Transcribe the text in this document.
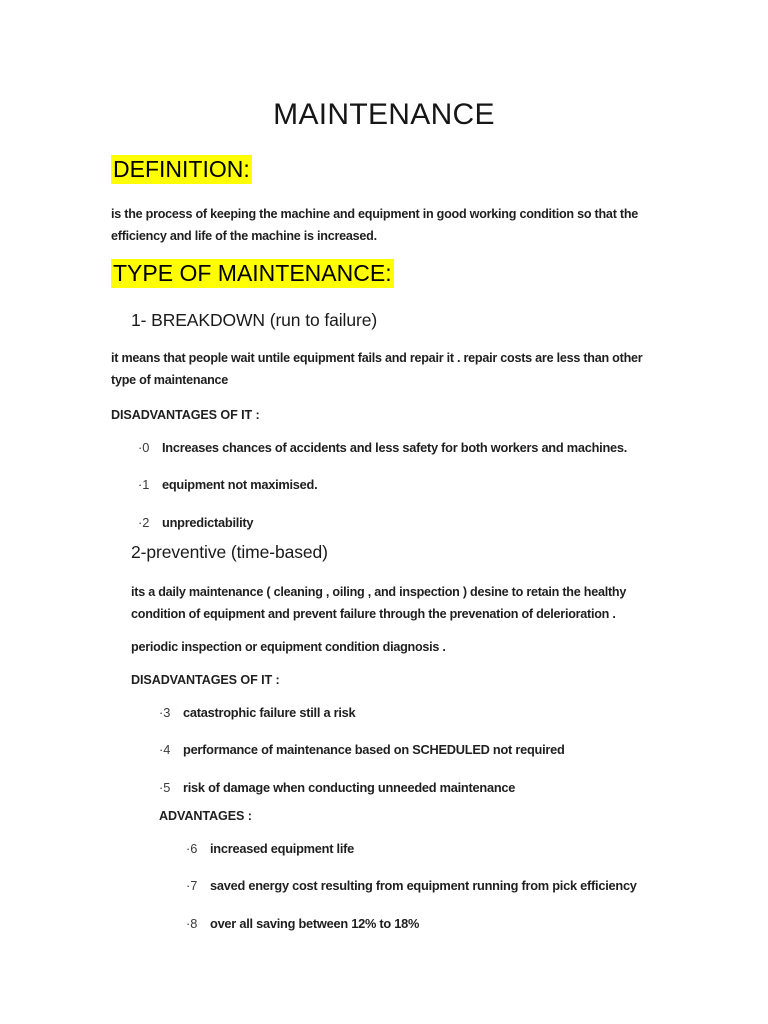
MAINTENANCE
DEFINITION:

is the process of keeping the machine and equipment in good working condition so that the efficiency and life of the machine is increased.

TYPE OF MAINTENANCE:
1- BREAKDOWN (run to failure)

it means that people wait untile equipment fails and repair it . repair costs are less than other type of maintenance

DISADVANTAGES OF IT :
·0 Increases chances of accidents and less safety for both workers and machines.
·1 equipment not maximised.
·2 unpredictability
2-preventive (time-based)

its a daily maintenance ( cleaning , oiling , and inspection ) desine to retain the healthy condition of equipment and prevent failure through the prevenation of delerioration .

periodic inspection or equipment condition diagnosis .

DISADVANTAGES OF IT :
·3 catastrophic failure still a risk
·4 performance of maintenance based on SCHEDULED not required
·5 risk of damage when conducting unneeded maintenance
ADVANTAGES :
·6 increased equipment life
·7 saved energy cost resulting from equipment running from pick efficiency
·8 over all saving between 12% to 18%
